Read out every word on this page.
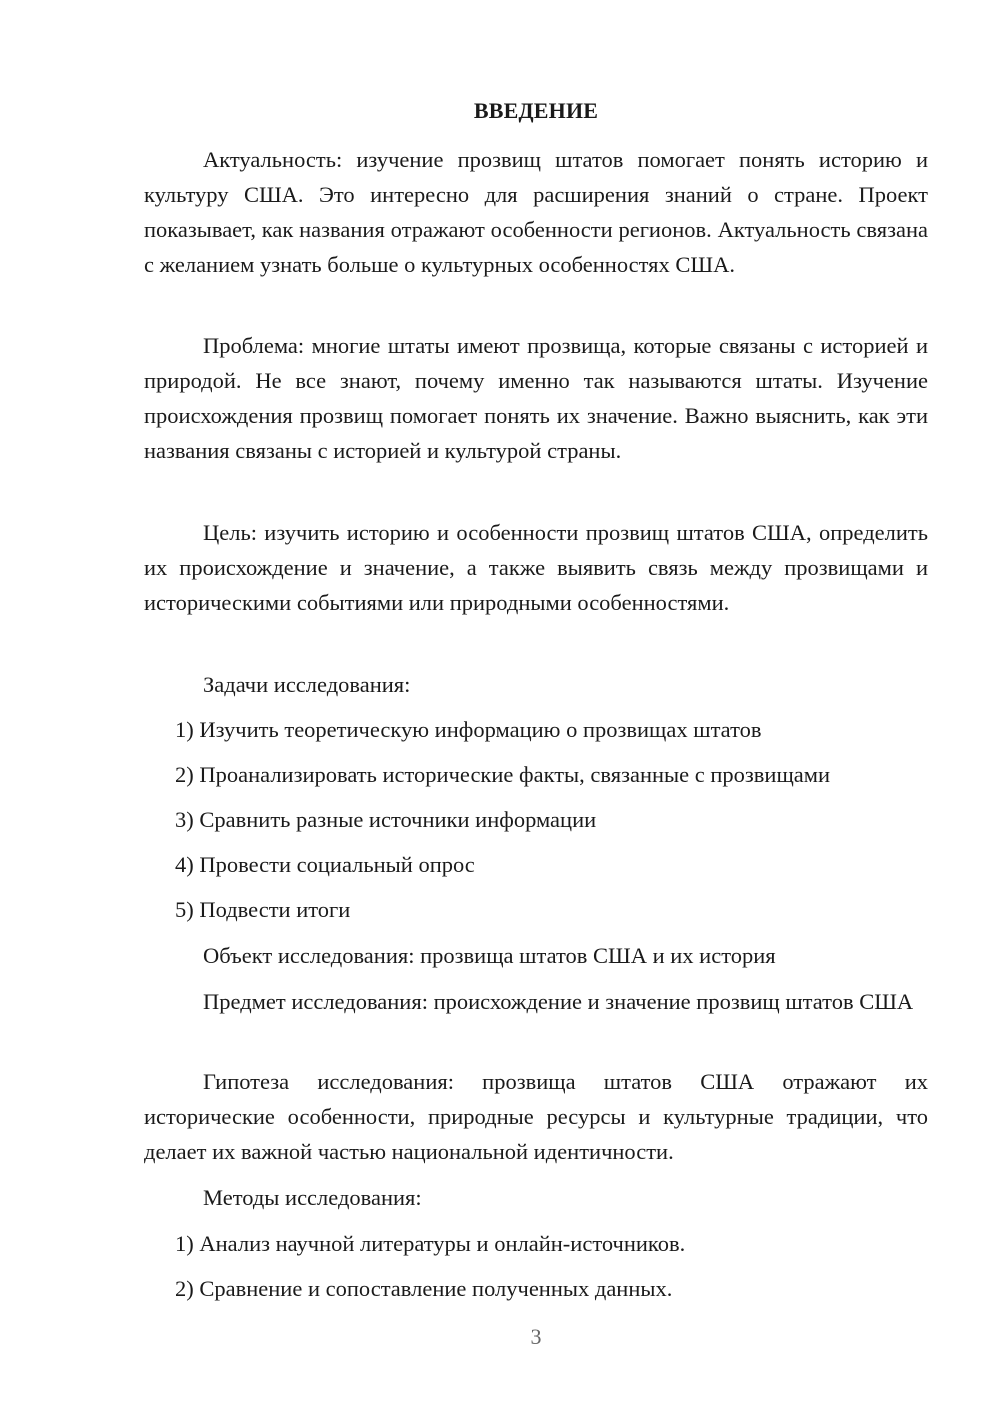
ВВЕДЕНИЕ

Актуальность: изучение прозвищ штатов помогает понять историю и культуру США. Это интересно для расширения знаний о стране. Проект показывает, как названия отражают особенности регионов. Актуальность связана с желанием узнать больше о культурных особенностях США.

Проблема: многие штаты имеют прозвища, которые связаны с историей и природой. Не все знают, почему именно так называются штаты. Изучение происхождения прозвищ помогает понять их значение. Важно выяснить, как эти названия связаны с историей и культурой страны.

Цель: изучить историю и особенности прозвищ штатов США, определить их происхождение и значение, а также выявить связь между прозвищами и историческими событиями или природными особенностями.

Задачи исследования:
1) Изучить теоретическую информацию о прозвищах штатов
2) Проанализировать исторические факты, связанные с прозвищами
3) Сравнить разные источники информации
4) Провести социальный опрос
5) Подвести итоги
Объект исследования: прозвища штатов США и их история

Предмет исследования: происхождение и значение прозвищ штатов США

Гипотеза исследования: прозвища штатов США отражают их исторические особенности, природные ресурсы и культурные традиции, что делает их важной частью национальной идентичности.

Методы исследования:
1) Анализ научной литературы и онлайн-источников.
2) Сравнение и сопоставление полученных данных.
3
